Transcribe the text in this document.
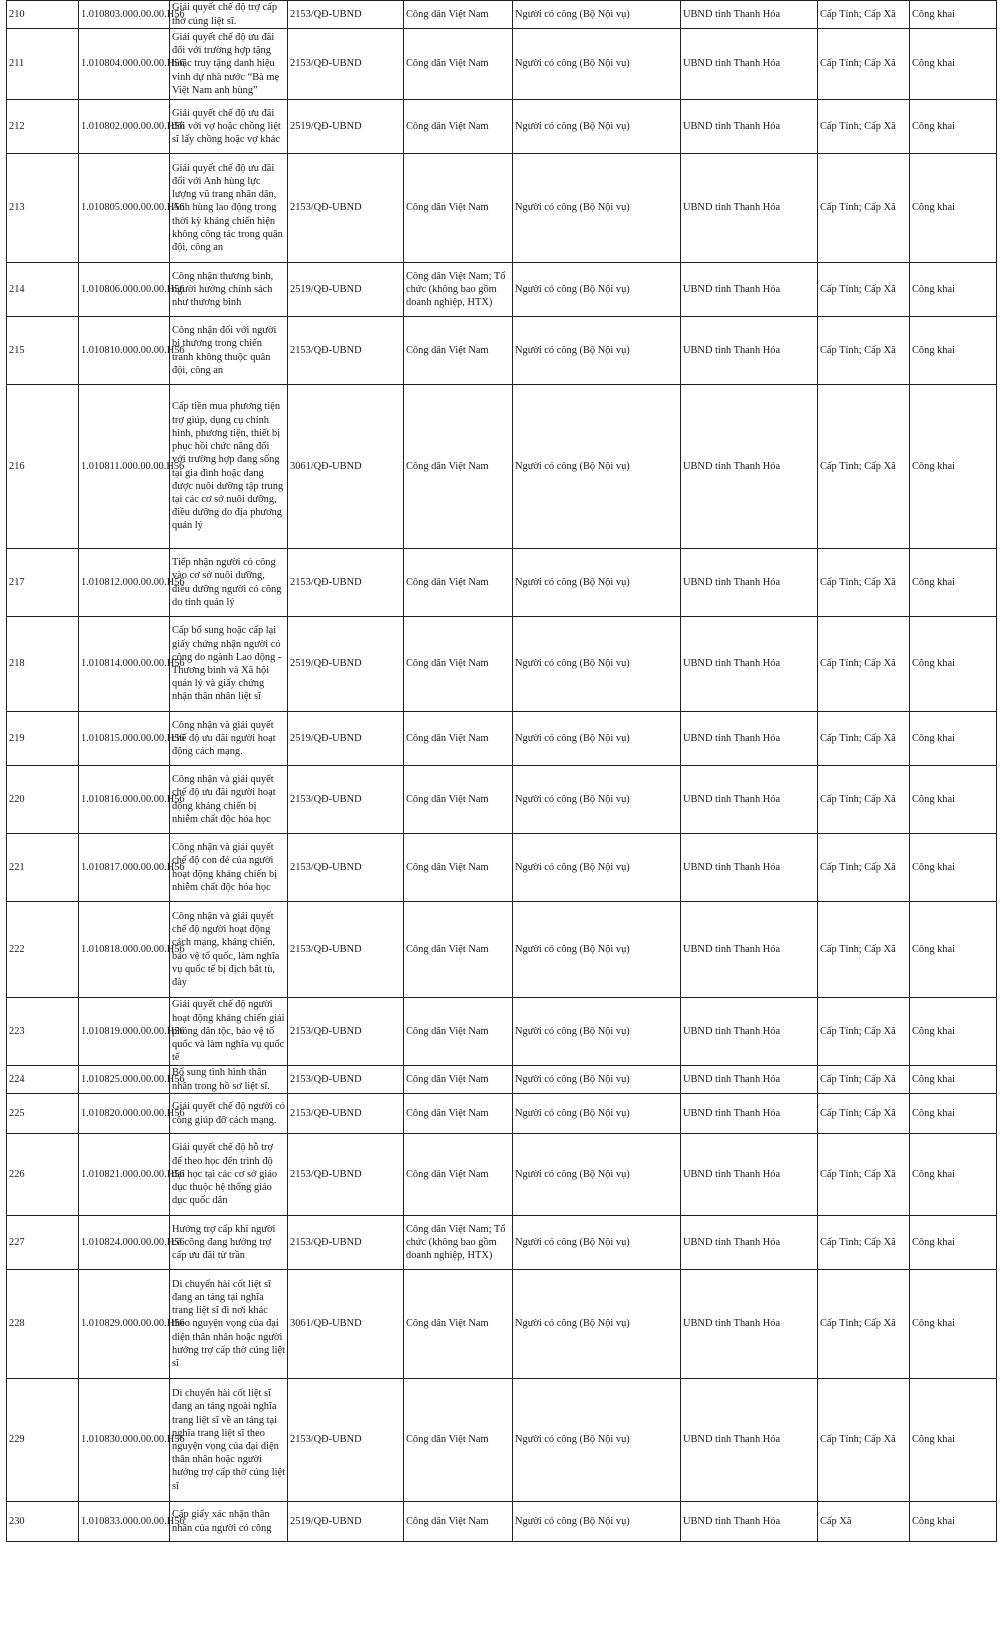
210	1.010803.000.00.00.H56	Giải quyết chế độ trợ cấp thờ cúng liệt sĩ.	2153/QĐ-UBND	Công dân Việt Nam	Người có công (Bộ Nội vụ)	UBND tỉnh Thanh Hóa	Cấp Tỉnh; Cấp Xã	Công khai
211	1.010804.000.00.00.H56	Giải quyết chế độ ưu đãi đối với trường hợp tặng hoặc truy tặng danh hiệu vinh dự nhà nước “Bà mẹ Việt Nam anh hùng”	2153/QĐ-UBND	Công dân Việt Nam	Người có công (Bộ Nội vụ)	UBND tỉnh Thanh Hóa	Cấp Tỉnh; Cấp Xã	Công khai
212	1.010802.000.00.00.H56	Giải quyết chế độ ưu đãi đối với vợ hoặc chồng liệt sĩ lấy chồng hoặc vợ khác	2519/QĐ-UBND	Công dân Việt Nam	Người có công (Bộ Nội vụ)	UBND tỉnh Thanh Hóa	Cấp Tỉnh; Cấp Xã	Công khai
213	1.010805.000.00.00.H56	Giải quyết chế độ ưu đãi đối với Anh hùng lực lượng vũ trang nhân dân, Anh hùng lao động trong thời kỳ kháng chiến hiện không công tác trong quân đội, công an	2153/QĐ-UBND	Công dân Việt Nam	Người có công (Bộ Nội vụ)	UBND tỉnh Thanh Hóa	Cấp Tỉnh; Cấp Xã	Công khai
214	1.010806.000.00.00.H56	Công nhận thương binh, người hưởng chính sách như thương binh	2519/QĐ-UBND	Công dân Việt Nam; Tổ chức (không bao gồm doanh nghiệp, HTX)	Người có công (Bộ Nội vụ)	UBND tỉnh Thanh Hóa	Cấp Tỉnh; Cấp Xã	Công khai
215	1.010810.000.00.00.H56	Công nhận đối với người bị thương trong chiến tranh không thuộc quân đội, công an	2153/QĐ-UBND	Công dân Việt Nam	Người có công (Bộ Nội vụ)	UBND tỉnh Thanh Hóa	Cấp Tỉnh; Cấp Xã	Công khai
216	1.010811.000.00.00.H56	Cấp tiền mua phương tiện trợ giúp, dụng cụ chỉnh hình, phương tiện, thiết bị phục hồi chức năng đối với trường hợp đang sống tại gia đình hoặc đang được nuôi dưỡng tập trung tại các cơ sở nuôi dưỡng, điều dưỡng do địa phương quản lý	3061/QĐ-UBND	Công dân Việt Nam	Người có công (Bộ Nội vụ)	UBND tỉnh Thanh Hóa	Cấp Tỉnh; Cấp Xã	Công khai
217	1.010812.000.00.00.H56	Tiếp nhận người có công vào cơ sở nuôi dưỡng, điều dưỡng người có công do tỉnh quản lý	2153/QĐ-UBND	Công dân Việt Nam	Người có công (Bộ Nội vụ)	UBND tỉnh Thanh Hóa	Cấp Tỉnh; Cấp Xã	Công khai
218	1.010814.000.00.00.H56	Cấp bổ sung hoặc cấp lại giấy chứng nhận người có công do ngành Lao động - Thương binh và Xã hội quản lý và giấy chứng nhận thân nhân liệt sĩ	2519/QĐ-UBND	Công dân Việt Nam	Người có công (Bộ Nội vụ)	UBND tỉnh Thanh Hóa	Cấp Tỉnh; Cấp Xã	Công khai
219	1.010815.000.00.00.H56	Công nhận và giải quyết chế độ ưu đãi người hoạt động cách mạng.	2519/QĐ-UBND	Công dân Việt Nam	Người có công (Bộ Nội vụ)	UBND tỉnh Thanh Hóa	Cấp Tỉnh; Cấp Xã	Công khai
220	1.010816.000.00.00.H56	Công nhận và giải quyết chế độ ưu đãi người hoạt động kháng chiến bị nhiễm chất độc hóa học	2153/QĐ-UBND	Công dân Việt Nam	Người có công (Bộ Nội vụ)	UBND tỉnh Thanh Hóa	Cấp Tỉnh; Cấp Xã	Công khai
221	1.010817.000.00.00.H56	Công nhận và giải quyết chế độ con đẻ của người hoạt động kháng chiến bị nhiễm chất độc hóa học	2153/QĐ-UBND	Công dân Việt Nam	Người có công (Bộ Nội vụ)	UBND tỉnh Thanh Hóa	Cấp Tỉnh; Cấp Xã	Công khai
222	1.010818.000.00.00.H56	Công nhận và giải quyết chế độ người hoạt động cách mạng, kháng chiến, bảo vệ tổ quốc, làm nghĩa vụ quốc tế bị địch bắt tù, đày	2153/QĐ-UBND	Công dân Việt Nam	Người có công (Bộ Nội vụ)	UBND tỉnh Thanh Hóa	Cấp Tỉnh; Cấp Xã	Công khai
223	1.010819.000.00.00.H56	Giải quyết chế độ người hoạt động kháng chiến giải phóng dân tộc, bảo vệ tổ quốc và làm nghĩa vụ quốc tế	2153/QĐ-UBND	Công dân Việt Nam	Người có công (Bộ Nội vụ)	UBND tỉnh Thanh Hóa	Cấp Tỉnh; Cấp Xã	Công khai
224	1.010825.000.00.00.H56	Bổ sung tình hình thân nhân trong hồ sơ liệt sĩ.	2153/QĐ-UBND	Công dân Việt Nam	Người có công (Bộ Nội vụ)	UBND tỉnh Thanh Hóa	Cấp Tỉnh; Cấp Xã	Công khai
225	1.010820.000.00.00.H56	Giải quyết chế độ người có công giúp đỡ cách mạng.	2153/QĐ-UBND	Công dân Việt Nam	Người có công (Bộ Nội vụ)	UBND tỉnh Thanh Hóa	Cấp Tỉnh; Cấp Xã	Công khai
226	1.010821.000.00.00.H56	Giải quyết chế độ hỗ trợ để theo học đến trình độ đại học tại các cơ sở giáo dục thuộc hệ thống giáo dục quốc dân	2153/QĐ-UBND	Công dân Việt Nam	Người có công (Bộ Nội vụ)	UBND tỉnh Thanh Hóa	Cấp Tỉnh; Cấp Xã	Công khai
227	1.010824.000.00.00.H56	Hưởng trợ cấp khi người có công đang hưởng trợ cấp ưu đãi từ trần	2153/QĐ-UBND	Công dân Việt Nam; Tổ chức (không bao gồm doanh nghiệp, HTX)	Người có công (Bộ Nội vụ)	UBND tỉnh Thanh Hóa	Cấp Tỉnh; Cấp Xã	Công khai
228	1.010829.000.00.00.H56	Di chuyển hài cốt liệt sĩ đang an táng tại nghĩa trang liệt sĩ đi nơi khác theo nguyện vọng của đại diện thân nhân hoặc người hưởng trợ cấp thờ cúng liệt sĩ	3061/QĐ-UBND	Công dân Việt Nam	Người có công (Bộ Nội vụ)	UBND tỉnh Thanh Hóa	Cấp Tỉnh; Cấp Xã	Công khai
229	1.010830.000.00.00.H56	Di chuyển hài cốt liệt sĩ đang an táng ngoài nghĩa trang liệt sĩ về an táng tại nghĩa trang liệt sĩ theo nguyện vọng của đại diện thân nhân hoặc người hưởng trợ cấp thờ cúng liệt sĩ	2153/QĐ-UBND	Công dân Việt Nam	Người có công (Bộ Nội vụ)	UBND tỉnh Thanh Hóa	Cấp Tỉnh; Cấp Xã	Công khai
230	1.010833.000.00.00.H56	Cấp giấy xác nhận thân nhân của người có công	2519/QĐ-UBND	Công dân Việt Nam	Người có công (Bộ Nội vụ)	UBND tỉnh Thanh Hóa	Cấp Xã	Công khai
